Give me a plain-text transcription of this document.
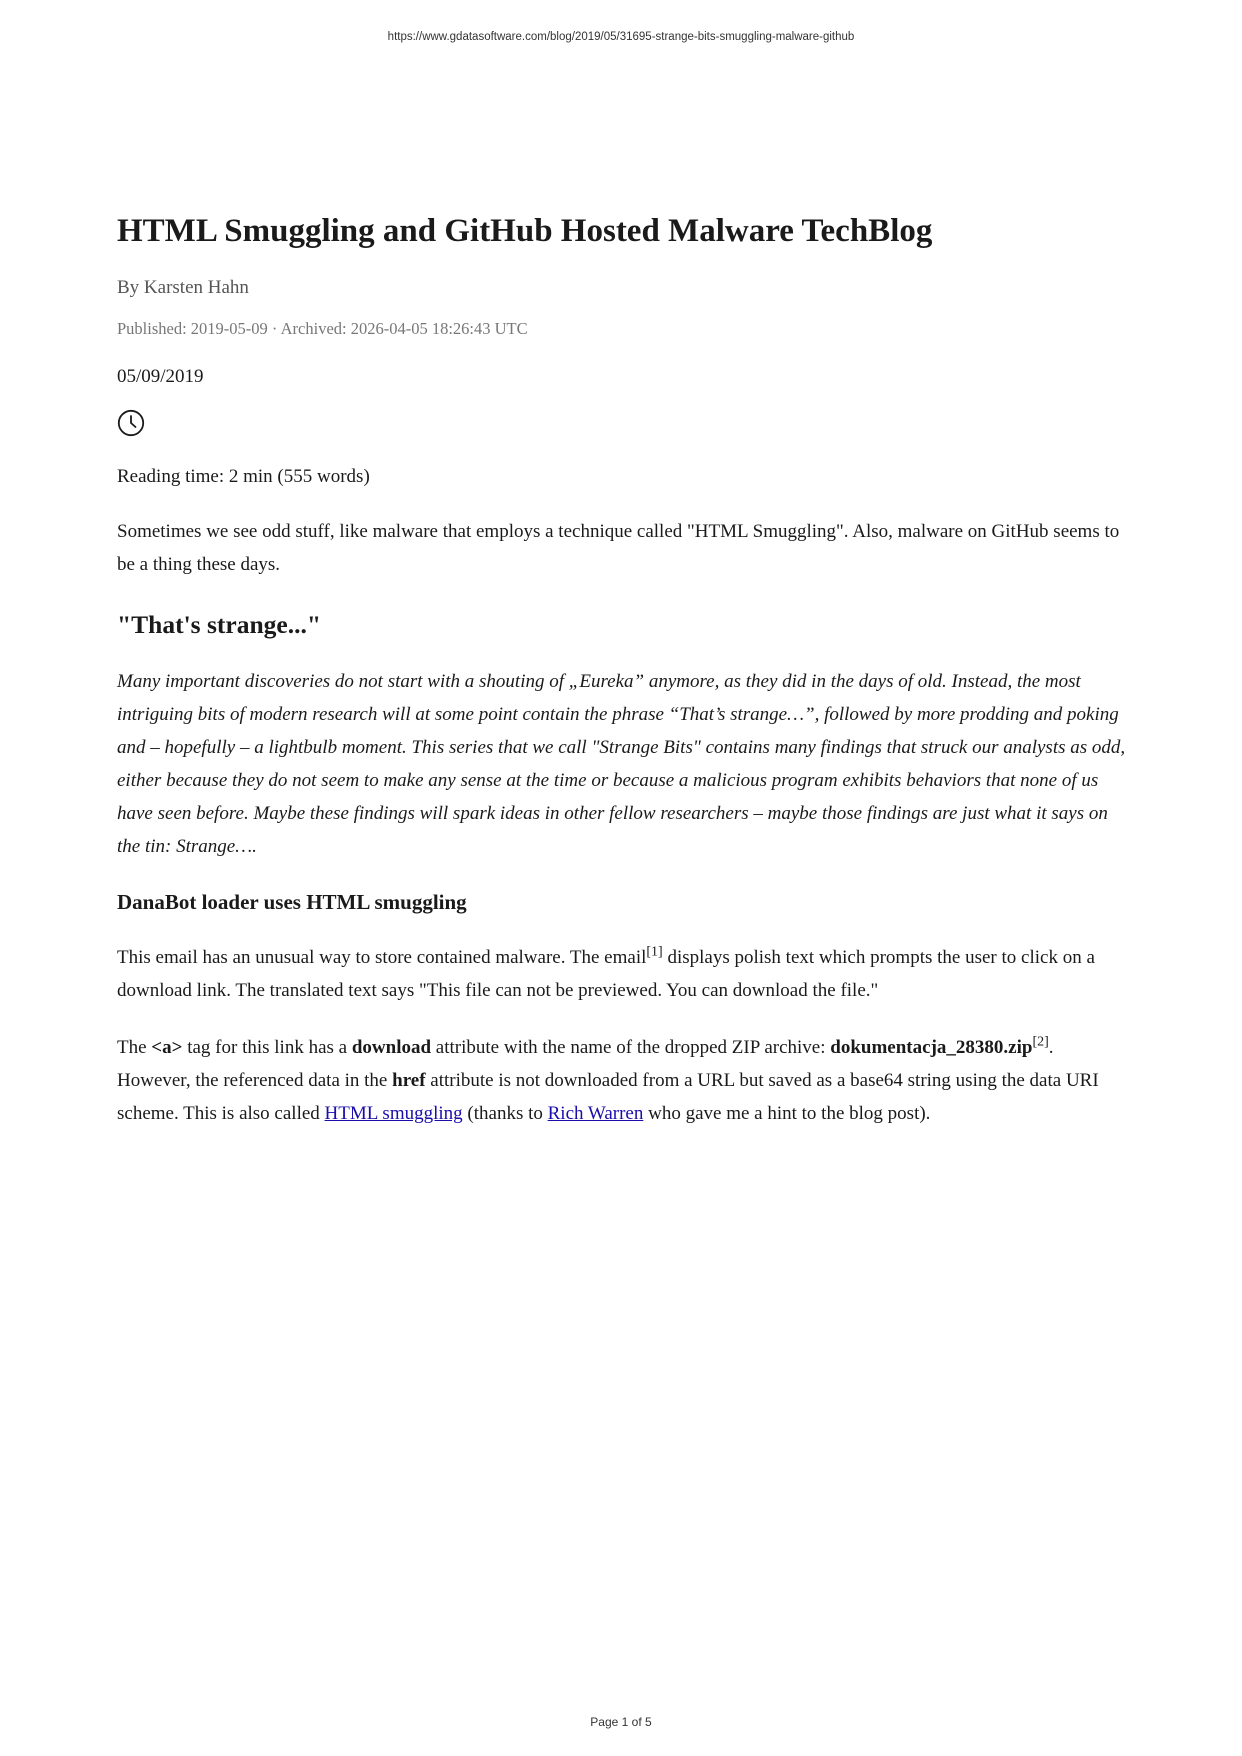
https://www.gdatasoftware.com/blog/2019/05/31695-strange-bits-smuggling-malware-github
HTML Smuggling and GitHub Hosted Malware TechBlog
By Karsten Hahn
Published: 2019-05-09 · Archived: 2026-04-05 18:26:43 UTC
05/09/2019
Reading time: 2 min (555 words)

Sometimes we see odd stuff, like malware that employs a technique called "HTML Smuggling". Also, malware on GitHub seems to be a thing these days.

"That's strange..."

Many important discoveries do not start with a shouting of „Eureka” anymore, as they did in the days of old. Instead, the most intriguing bits of modern research will at some point contain the phrase “That’s strange…”, followed by more prodding and poking and – hopefully – a lightbulb moment. This series that we call "Strange Bits" contains many findings that struck our analysts as odd, either because they do not seem to make any sense at the time or because a malicious program exhibits behaviors that none of us have seen before. Maybe these findings will spark ideas in other fellow researchers – maybe those findings are just what it says on the tin: Strange….

DanaBot loader uses HTML smuggling

This email has an unusual way to store contained malware. The email[1] displays polish text which prompts the user to click on a download link. The translated text says "This file can not be previewed. You can download the file."

The <a> tag for this link has a download attribute with the name of the dropped ZIP archive: dokumentacja_28380.zip[2]. However, the referenced data in the href attribute is not downloaded from a URL but saved as a base64 string using the data URI scheme. This is also called HTML smuggling (thanks to Rich Warren who gave me a hint to the blog post).

Page 1 of 5
